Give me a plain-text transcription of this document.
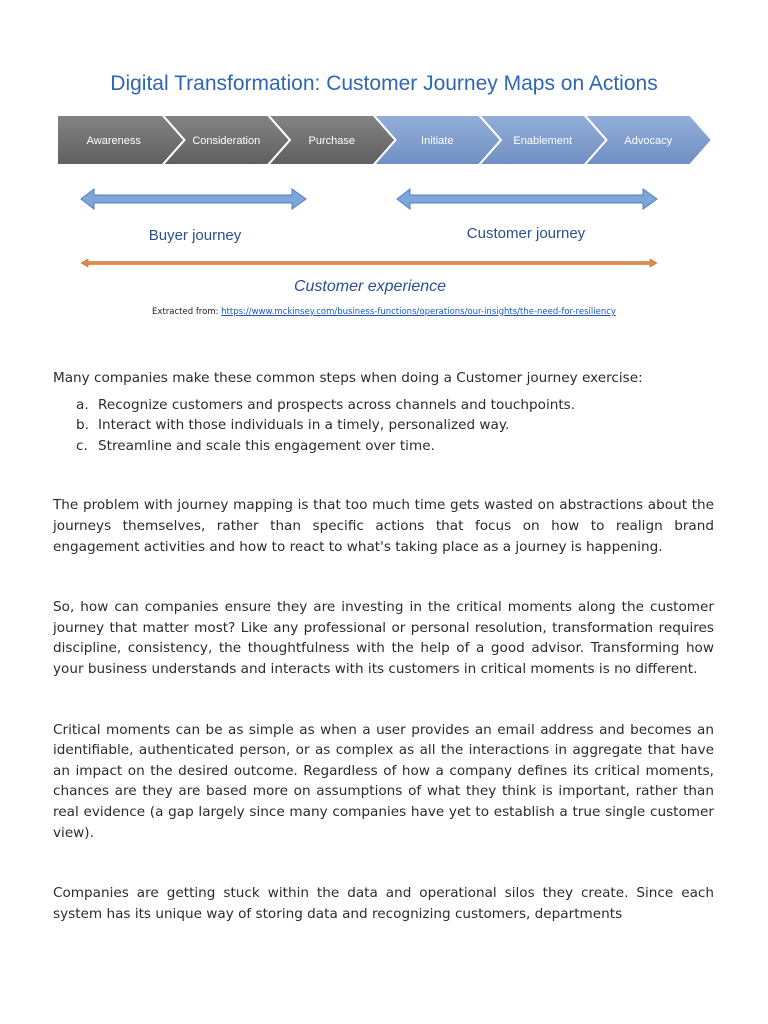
Digital Transformation: Customer Journey Maps on Actions
Awareness	Consideration	Purchase	Initiate	Enablement	Advocacy
Buyer journey	Customer journey
Customer experience
Extracted from: https://www.mckinsey.com/business-functions/operations/our-insights/the-need-for-resiliency

Many companies make these common steps when doing a Customer journey exercise:

a. Recognize customers and prospects across channels and touchpoints.
b. Interact with those individuals in a timely, personalized way.
c. Streamline and scale this engagement over time.

The problem with journey mapping is that too much time gets wasted on abstractions about the journeys themselves, rather than specific actions that focus on how to realign brand engagement activities and how to react to what's taking place as a journey is happening.

So, how can companies ensure they are investing in the critical moments along the customer journey that matter most? Like any professional or personal resolution, transformation requires discipline, consistency, the thoughtfulness with the help of a good advisor. Transforming how your business understands and interacts with its customers in critical moments is no different.

Critical moments can be as simple as when a user provides an email address and becomes an identifiable, authenticated person, or as complex as all the interactions in aggregate that have an impact on the desired outcome. Regardless of how a company defines its critical moments, chances are they are based more on assumptions of what they think is important, rather than real evidence (a gap largely since many companies have yet to establish a true single customer view).

Companies are getting stuck within the data and operational silos they create. Since each system has its unique way of storing data and recognizing customers, departments
